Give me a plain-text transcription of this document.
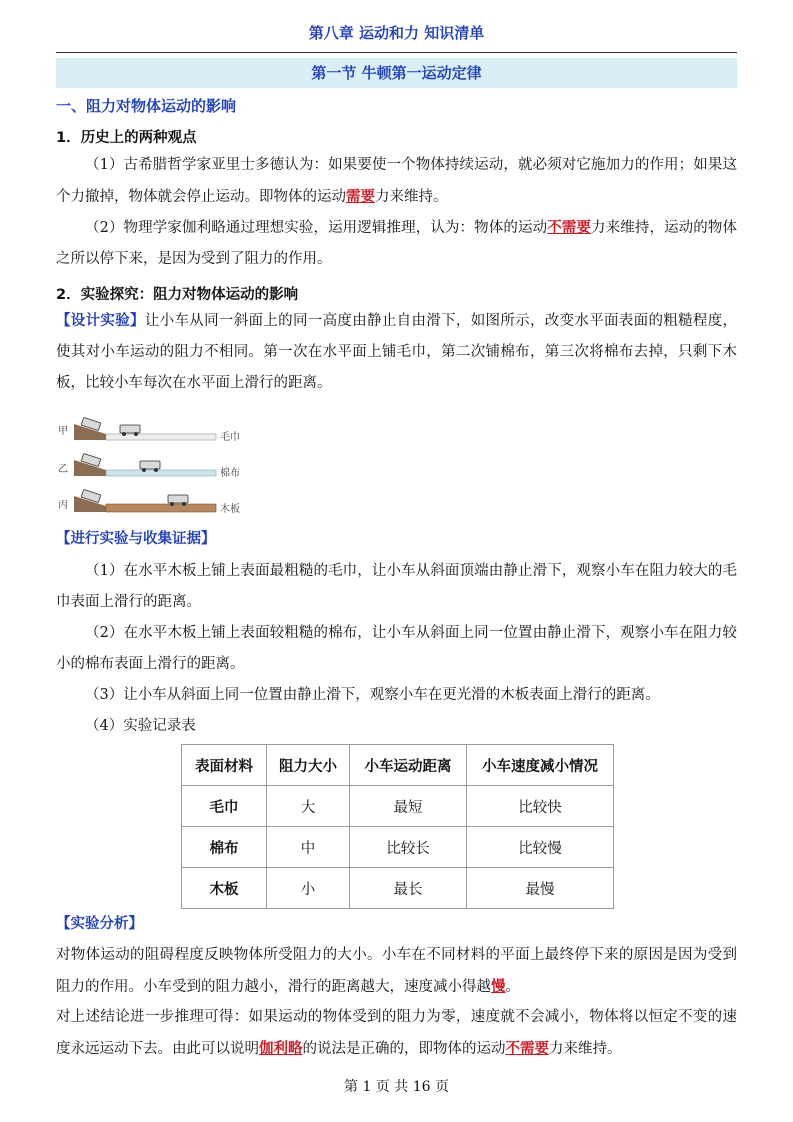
第八章 运动和力 知识清单
第一节 牛顿第一运动定律
一、阻力对物体运动的影响
1．历史上的两种观点
（1）古希腊哲学家亚里士多德认为：如果要使一个物体持续运动，就必须对它施加力的作用；如果这个力撤掉，物体就会停止运动。即物体的运动需要力来维持。
（2）物理学家伽利略通过理想实验，运用逻辑推理，认为：物体的运动不需要力来维持，运动的物体之所以停下来，是因为受到了阻力的作用。
2．实验探究：阻力对物体运动的影响
【设计实验】让小车从同一斜面上的同一高度由静止自由滑下，如图所示，改变水平面表面的粗糙程度，使其对小车运动的阻力不相同。第一次在水平面上铺毛巾，第二次铺棉布，第三次将棉布去掉，只剩下木板，比较小车每次在水平面上滑行的距离。
甲
毛巾
乙	棉布
丙	木板
【进行实验与收集证据】
（1）在水平木板上铺上表面最粗糙的毛巾，让小车从斜面顶端由静止滑下，观察小车在阻力较大的毛巾表面上滑行的距离。
（2）在水平木板上铺上表面较粗糙的棉布，让小车从斜面上同一位置由静止滑下，观察小车在阻力较小的棉布表面上滑行的距离。
（3）让小车从斜面上同一位置由静止滑下，观察小车在更光滑的木板表面上滑行的距离。
（4）实验记录表
表面材料	阻力大小	小车运动距离	小车速度减小情况
毛巾	大	最短	比较快
棉布	中	比较长	比较慢
木板	小	最长	最慢
【实验分析】
对物体运动的阻碍程度反映物体所受阻力的大小。小车在不同材料的平面上最终停下来的原因是因为受到阻力的作用。小车受到的阻力越小，滑行的距离越大，速度减小得越慢。
对上述结论进一步推理可得：如果运动的物体受到的阻力为零，速度就不会减小，物体将以恒定不变的速度永远运动下去。由此可以说明伽利略的说法是正确的，即物体的运动不需要力来维持。
第 1 页 共 16 页
